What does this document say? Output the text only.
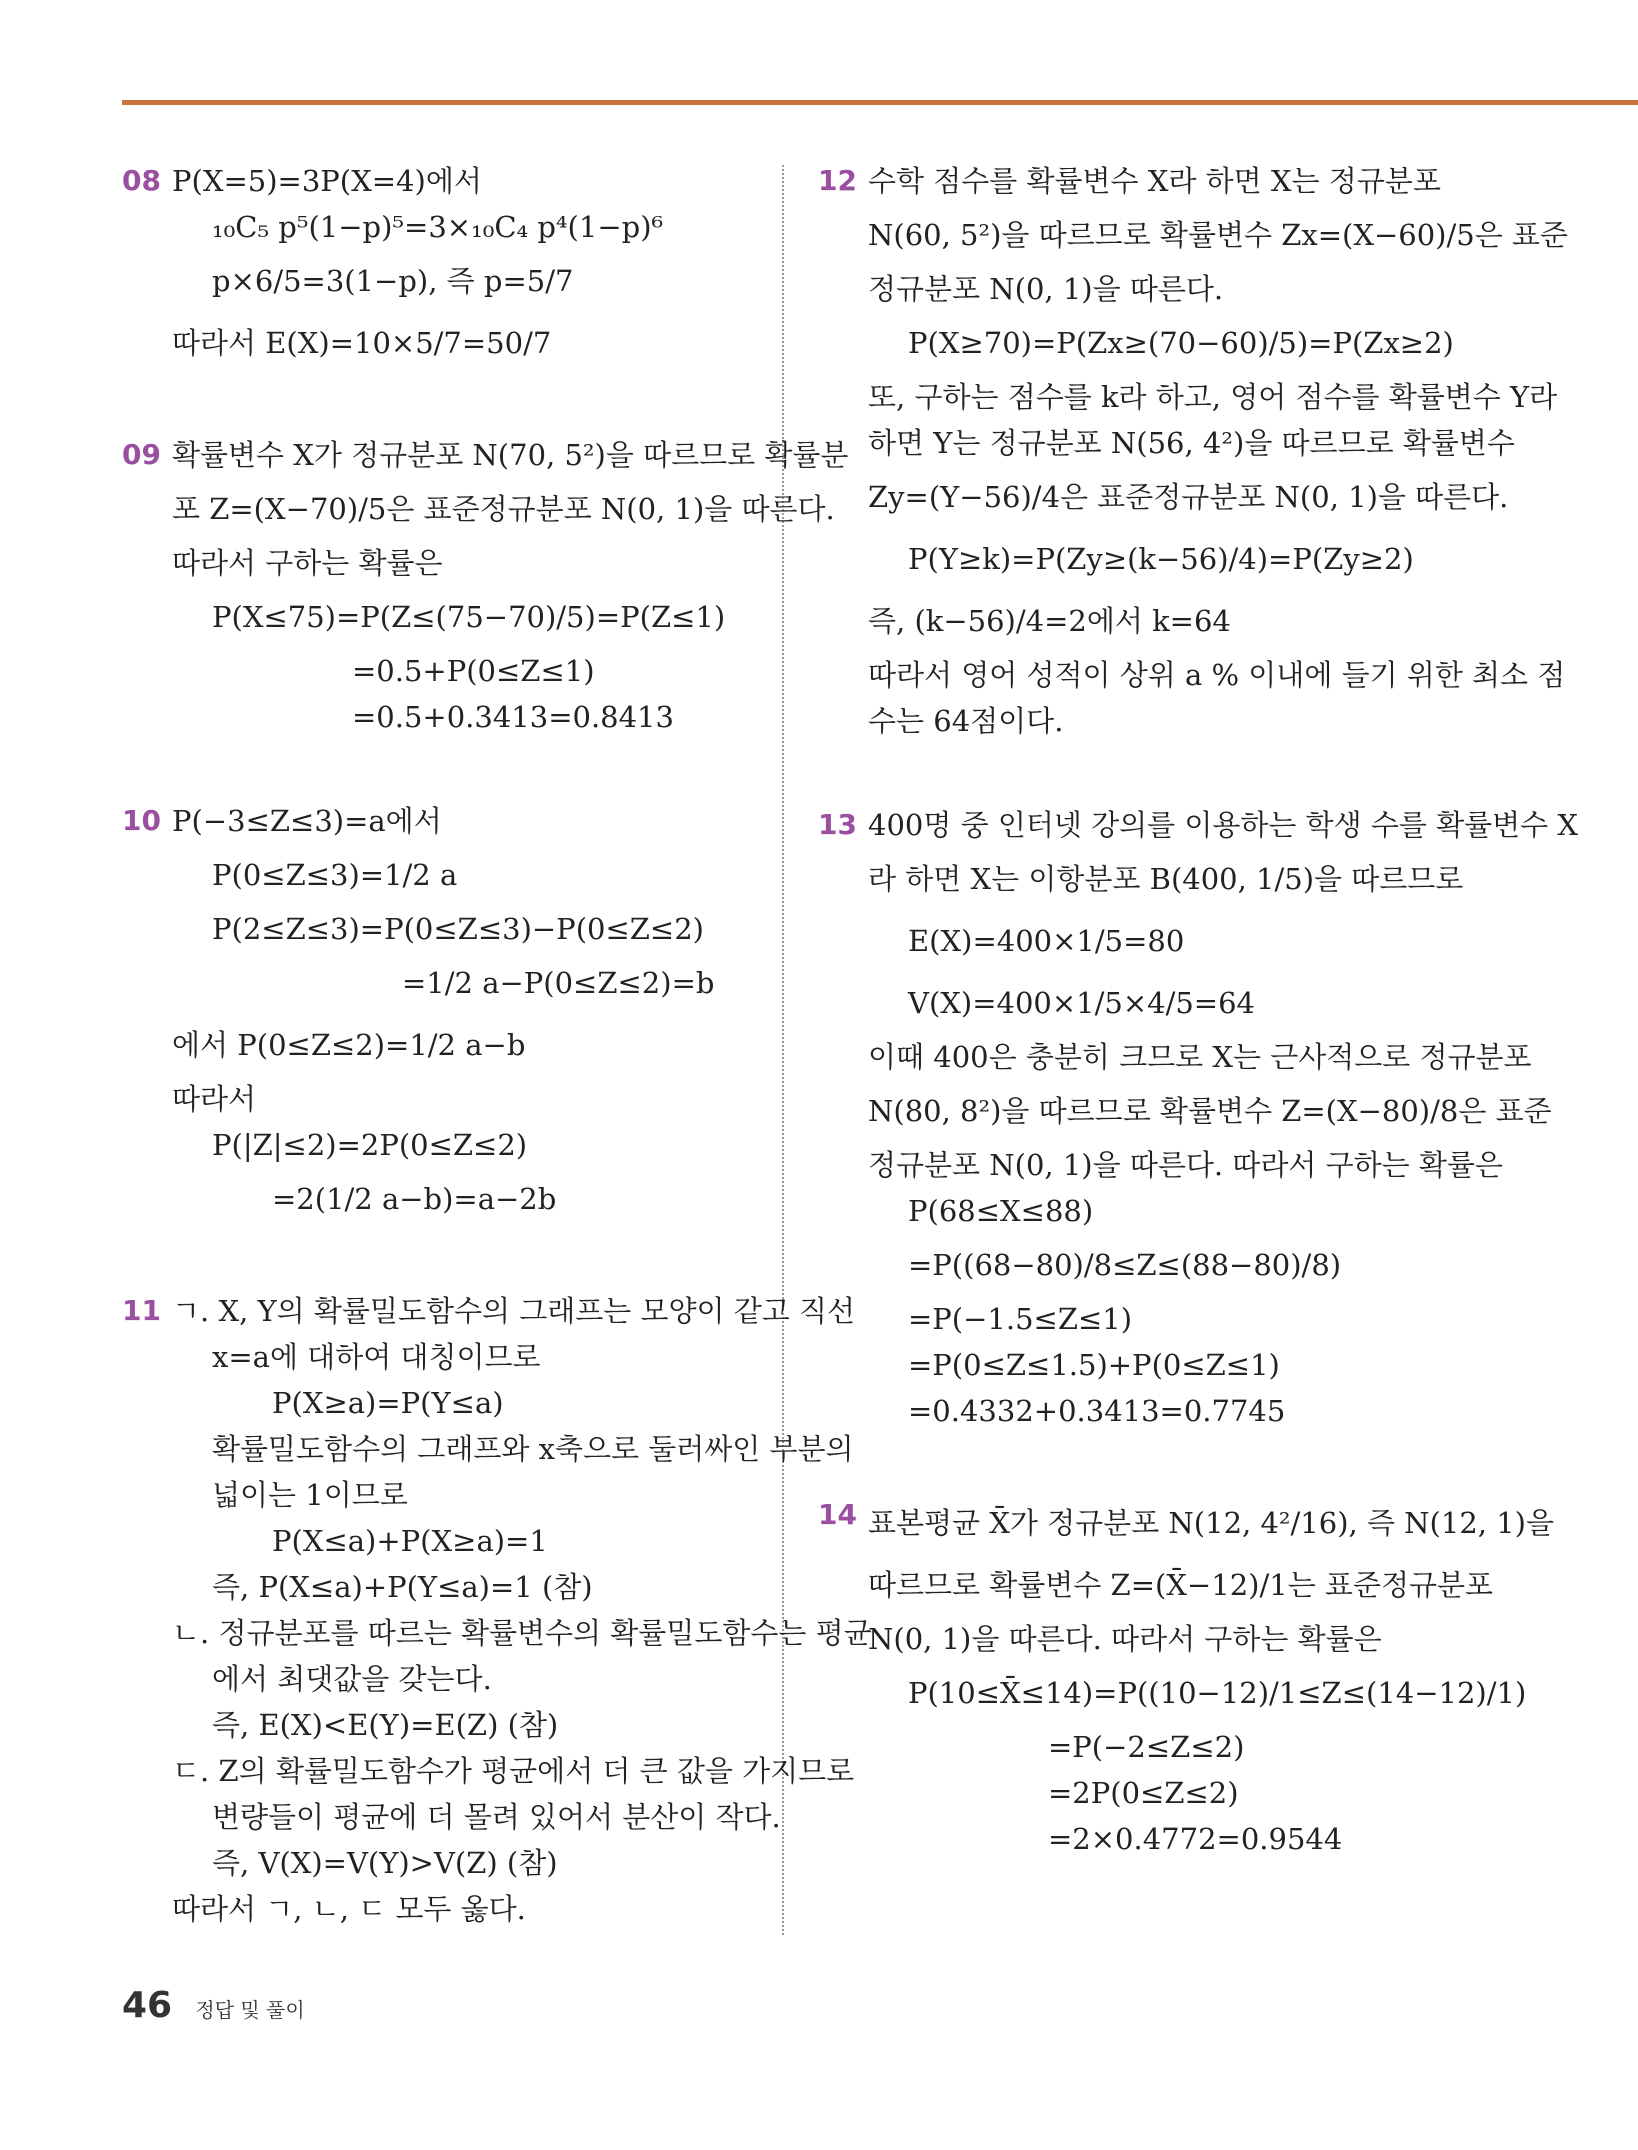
08 P(X=5)=3P(X=4)에서
₁₀C₅ p⁵(1−p)⁵=3×₁₀C₄ p⁴(1−p)⁶
p×6/5=3(1−p), 즉 p=5/7
따라서 E(X)=10×5/7=50/7
09 확률변수 X가 정규분포 N(70, 5²)을 따르므로 확률분
포 Z=(X−70)/5은 표준정규분포 N(0, 1)을 따른다.
따라서 구하는 확률은
P(X≤75)=P(Z≤(75−70)/5)=P(Z≤1)
=0.5+P(0≤Z≤1)
=0.5+0.3413=0.8413
10 P(−3≤Z≤3)=a에서
P(0≤Z≤3)=1/2 a
P(2≤Z≤3)=P(0≤Z≤3)−P(0≤Z≤2)
=1/2 a−P(0≤Z≤2)=b
에서 P(0≤Z≤2)=1/2 a−b
따라서
P(|Z|≤2)=2P(0≤Z≤2)
=2(1/2 a−b)=a−2b
11 ㄱ. X, Y의 확률밀도함수의 그래프는 모양이 같고 직선
x=a에 대하여 대칭이므로
P(X≥a)=P(Y≤a)
확률밀도함수의 그래프와 x축으로 둘러싸인 부분의
넓이는 1이므로
P(X≤a)+P(X≥a)=1
즉, P(X≤a)+P(Y≤a)=1 (참)
ㄴ. 정규분포를 따르는 확률변수의 확률밀도함수는 평균
에서 최댓값을 갖는다.
즉, E(X)<E(Y)=E(Z) (참)
ㄷ. Z의 확률밀도함수가 평균에서 더 큰 값을 가지므로
변량들이 평균에 더 몰려 있어서 분산이 작다.
즉, V(X)=V(Y)>V(Z) (참)
따라서 ㄱ, ㄴ, ㄷ 모두 옳다.
12 수학 점수를 확률변수 X라 하면 X는 정규분포
N(60, 5²)을 따르므로 확률변수 Zx=(X−60)/5은 표준
정규분포 N(0, 1)을 따른다.
P(X≥70)=P(Zx≥(70−60)/5)=P(Zx≥2)
또, 구하는 점수를 k라 하고, 영어 점수를 확률변수 Y라
하면 Y는 정규분포 N(56, 4²)을 따르므로 확률변수
Zy=(Y−56)/4은 표준정규분포 N(0, 1)을 따른다.
P(Y≥k)=P(Zy≥(k−56)/4)=P(Zy≥2)
즉, (k−56)/4=2에서 k=64
따라서 영어 성적이 상위 a % 이내에 들기 위한 최소 점
수는 64점이다.
13 400명 중 인터넷 강의를 이용하는 학생 수를 확률변수 X
라 하면 X는 이항분포 B(400, 1/5)을 따르므로
E(X)=400×1/5=80
V(X)=400×1/5×4/5=64
이때 400은 충분히 크므로 X는 근사적으로 정규분포
N(80, 8²)을 따르므로 확률변수 Z=(X−80)/8은 표준
정규분포 N(0, 1)을 따른다. 따라서 구하는 확률은
P(68≤X≤88)
=P((68−80)/8≤Z≤(88−80)/8)
=P(−1.5≤Z≤1)
=P(0≤Z≤1.5)+P(0≤Z≤1)
=0.4332+0.3413=0.7745
14 표본평균 X̄가 정규분포 N(12, 4²/16), 즉 N(12, 1)을
따르므로 확률변수 Z=(X̄−12)/1는 표준정규분포
N(0, 1)을 따른다. 따라서 구하는 확률은
P(10≤X̄≤14)=P((10−12)/1≤Z≤(14−12)/1)
=P(−2≤Z≤2)
=2P(0≤Z≤2)
=2×0.4772=0.9544
46 정답 및 풀이
